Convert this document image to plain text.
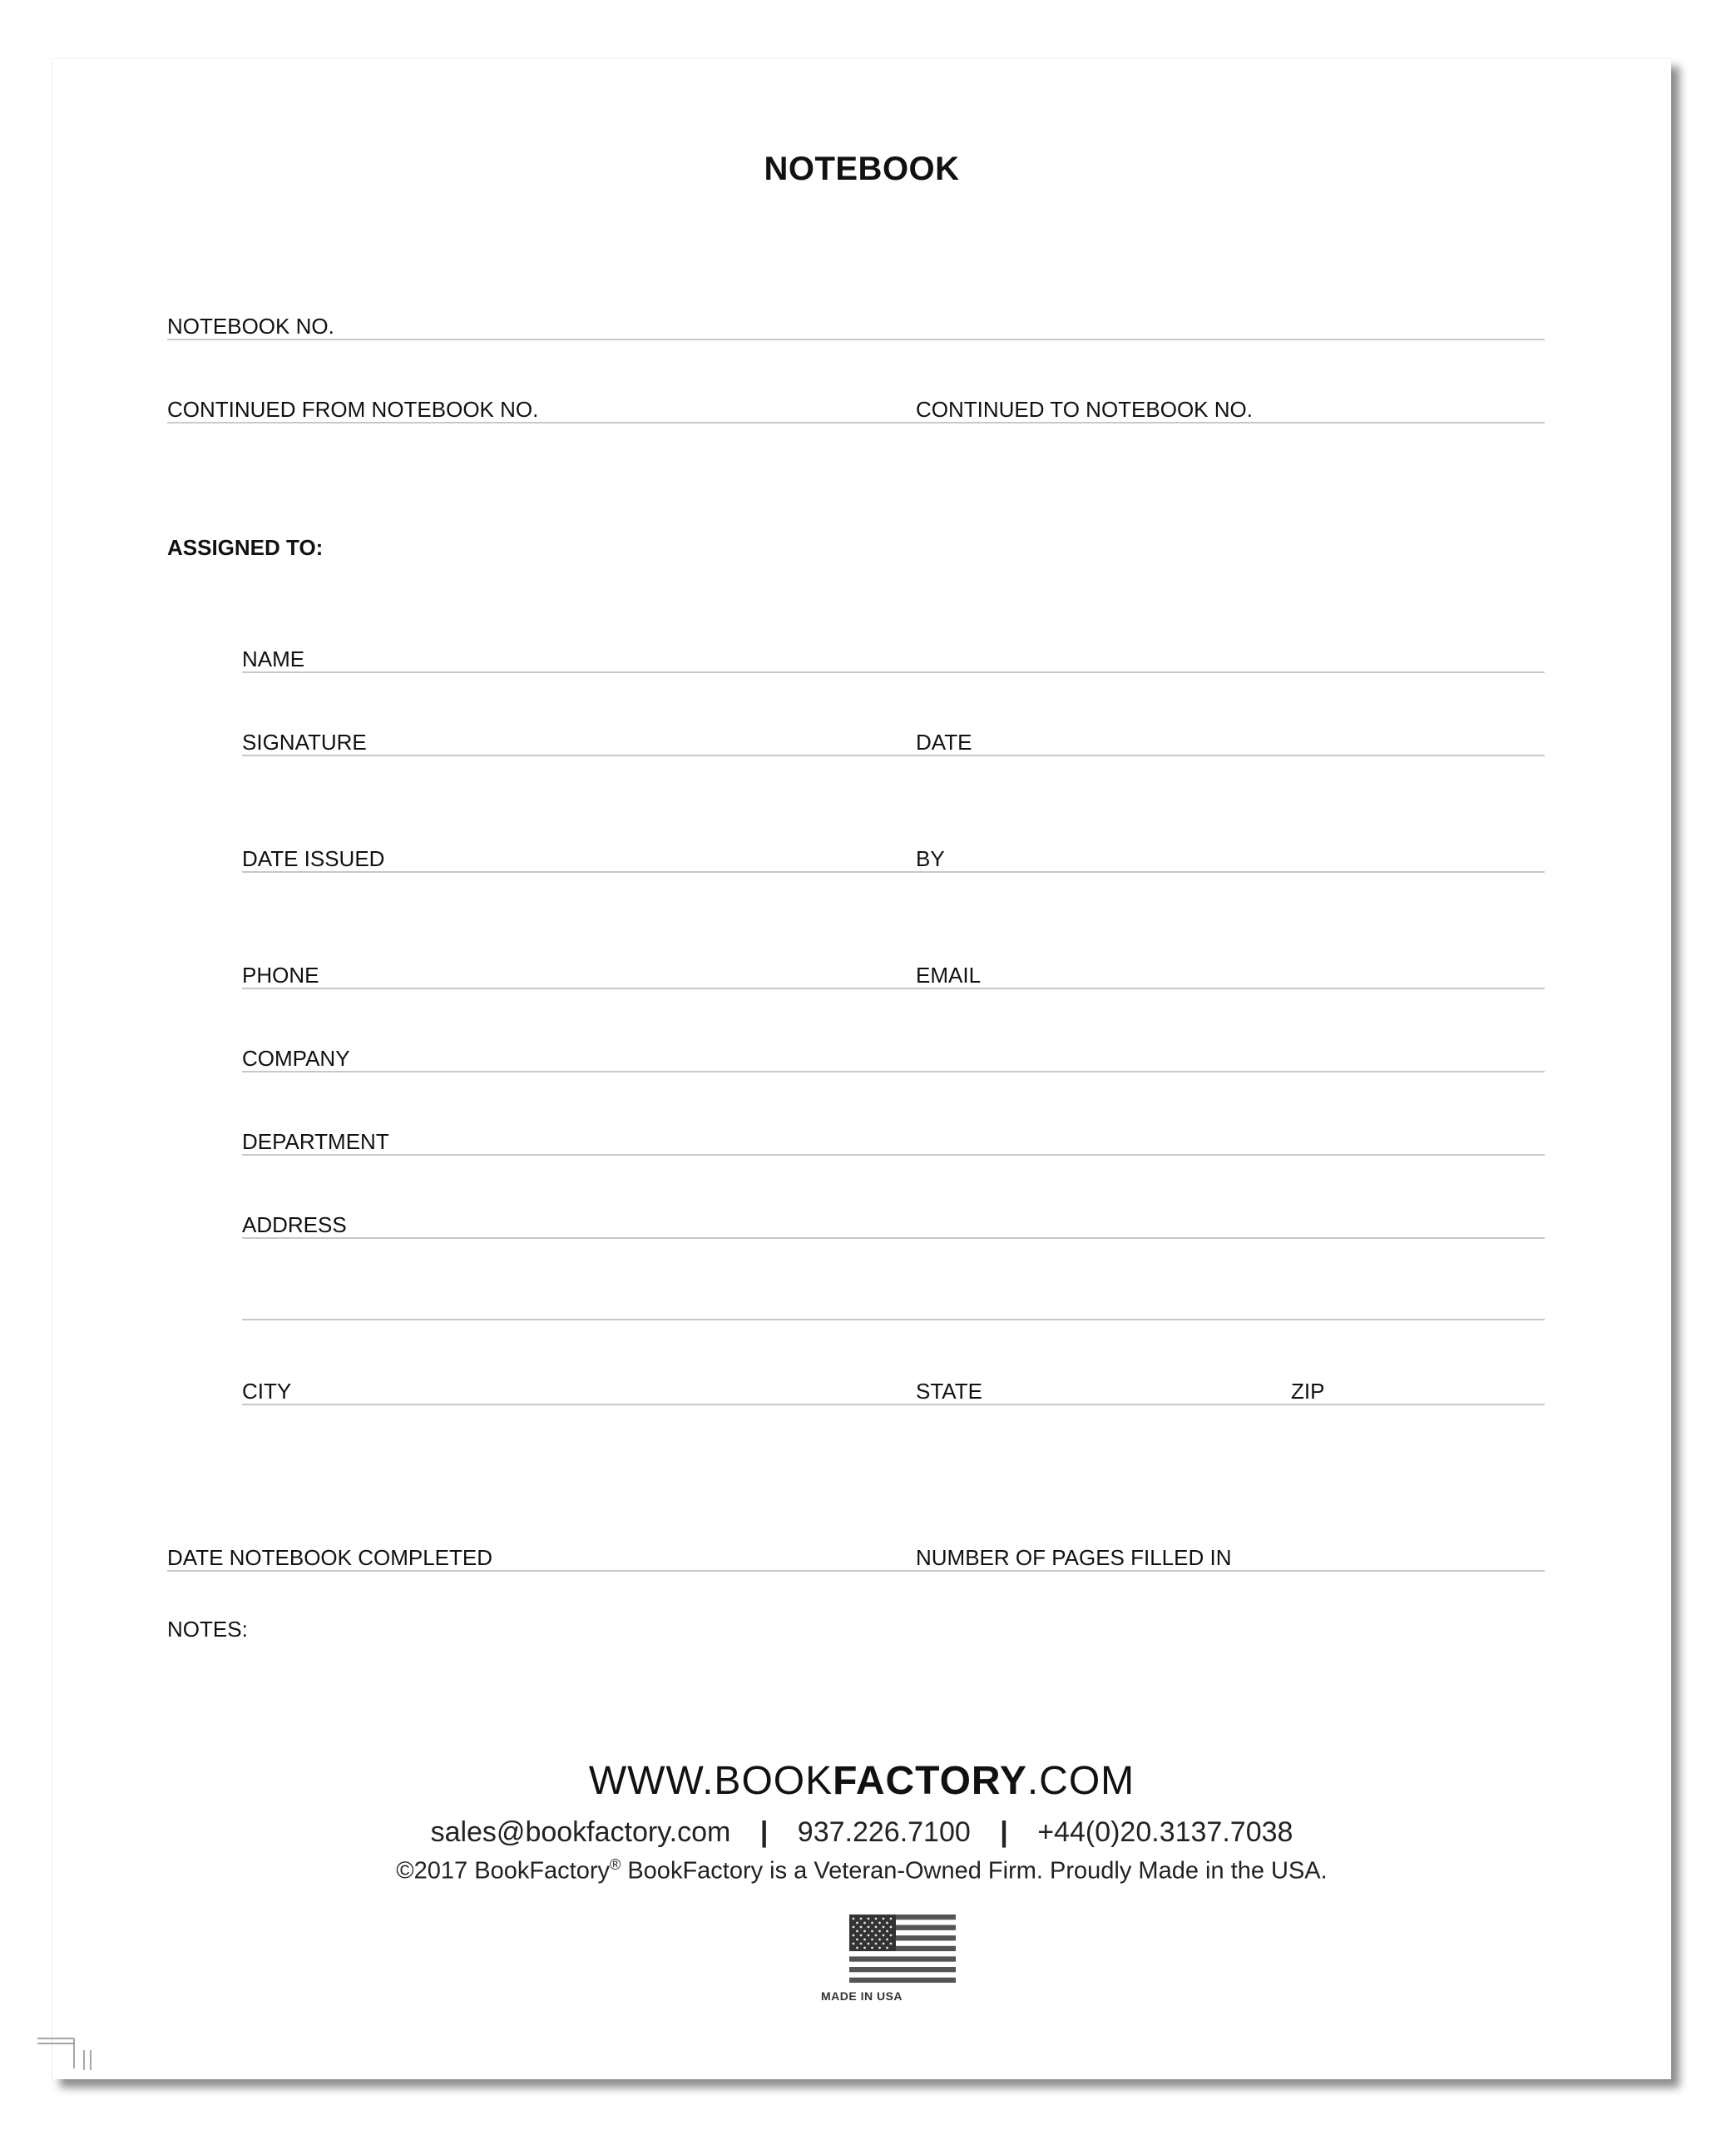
NOTEBOOK
NOTEBOOK NO.
CONTINUED FROM NOTEBOOK NO.	CONTINUED TO NOTEBOOK NO.
ASSIGNED TO:
NAME
SIGNATURE	DATE
DATE ISSUED	BY
PHONE	EMAIL
COMPANY
DEPARTMENT
ADDRESS
CITY	STATE	ZIP
DATE NOTEBOOK COMPLETED	NUMBER OF PAGES FILLED IN
NOTES:
WWW.BOOKFACTORY.COM
sales@bookfactory.com | 937.226.7100 | +44(0)20.3137.7038
©2017 BookFactory® BookFactory is a Veteran-Owned Firm. Proudly Made in the USA.
MADE IN USA
